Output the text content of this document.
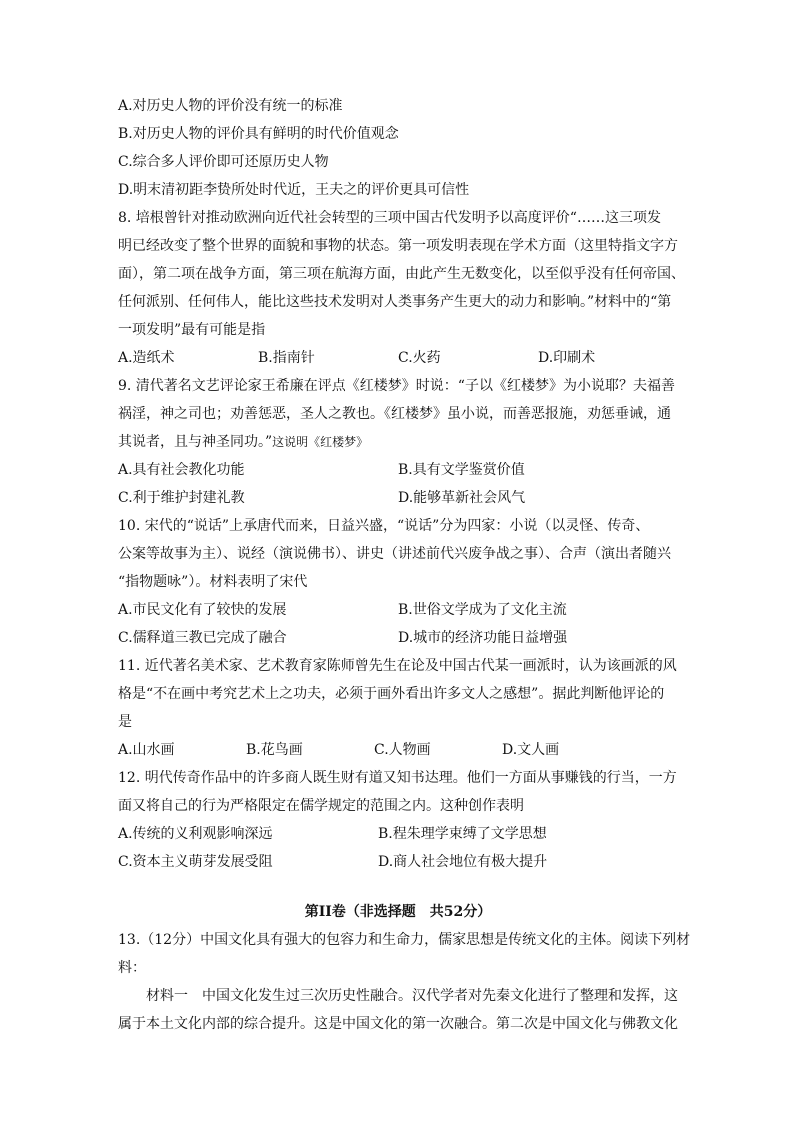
A.对历史人物的评价没有统一的标准
B.对历史人物的评价具有鲜明的时代价值观念
C.综合多人评价即可还原历史人物
D.明末清初距李贽所处时代近，王夫之的评价更具可信性
8. 培根曾针对推动欧洲向近代社会转型的三项中国古代发明予以高度评价“……这三项发
明已经改变了整个世界的面貌和事物的状态。第一项发明表现在学术方面（这里特指文字方
面），第二项在战争方面，第三项在航海方面，由此产生无数变化，以至似乎没有任何帝国、
任何派别、任何伟人，能比这些技术发明对人类事务产生更大的动力和影响。”材料中的“第
一项发明”最有可能是指
A.造纸术	B.指南针	C.火药	D.印刷术
9. 清代著名文艺评论家王希廉在评点《红楼梦》时说：“子以《红楼梦》为小说耶？夫福善
祸淫，神之司也；劝善惩恶，圣人之教也。《红楼梦》虽小说，而善恶报施，劝惩垂诫，通
其说者，且与神圣同功。”这说明《红楼梦》
A.具有社会教化功能	B.具有文学鉴赏价值
C.利于维护封建礼教	D.能够革新社会风气
10. 宋代的“说话”上承唐代而来，日益兴盛，“说话”分为四家：小说（以灵怪、传奇、
公案等故事为主）、说经（演说佛书）、讲史（讲述前代兴废争战之事）、合声（演出者随兴
“指物题咏”）。材料表明了宋代
A.市民文化有了较快的发展	B.世俗文学成为了文化主流
C.儒释道三教已完成了融合	D.城市的经济功能日益增强
11. 近代著名美术家、艺术教育家陈师曾先生在论及中国古代某一画派时，认为该画派的风
格是“不在画中考究艺术上之功夫，必须于画外看出许多文人之感想”。据此判断他评论的
是
A.山水画	B.花鸟画	C.人物画	D.文人画
12. 明代传奇作品中的许多商人既生财有道又知书达理。他们一方面从事赚钱的行当，一方
面又将自己的行为严格限定在儒学规定的范围之内。这种创作表明
A.传统的义利观影响深远	B.程朱理学束缚了文学思想
C.资本主义萌芽发展受阻	D.商人社会地位有极大提升
第II卷（非选择题　共52分）
13.（12分）中国文化具有强大的包容力和生命力，儒家思想是传统文化的主体。阅读下列材
料：
材料一　中国文化发生过三次历史性融合。汉代学者对先秦文化进行了整理和发挥，这
属于本土文化内部的综合提升。这是中国文化的第一次融合。第二次是中国文化与佛教文化
